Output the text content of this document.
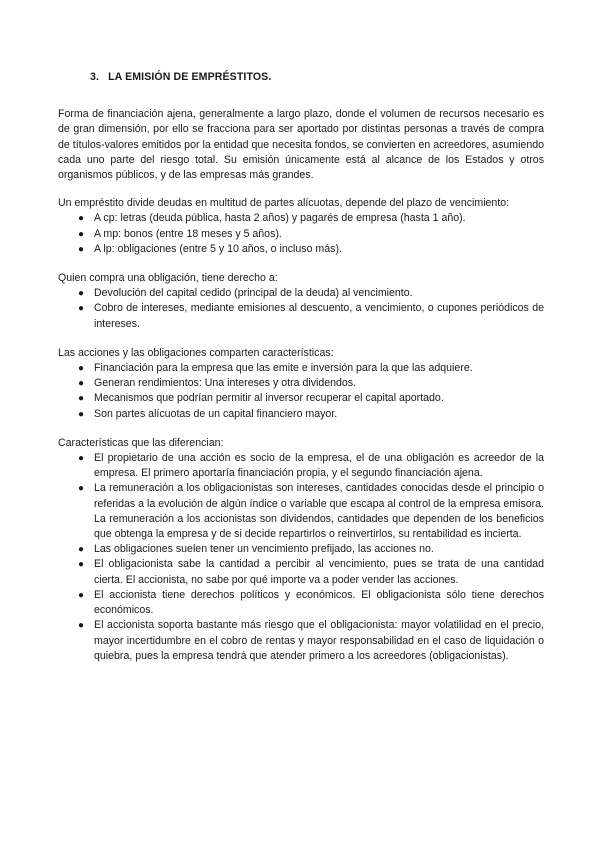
3. LA EMISIÓN DE EMPRÉSTITOS.

Forma de financiación ajena, generalmente a largo plazo, donde el volumen de recursos necesario es de gran dimensión, por ello se fracciona para ser aportado por distintas personas a través de compra de títulos-valores emitidos por la entidad que necesita fondos, se convierten en acreedores, asumiendo cada uno parte del riesgo total. Su emisión únicamente está al alcance de los Estados y otros organismos públicos, y de las empresas más grandes.

Un empréstito divide deudas en multitud de partes alícuotas, depende del plazo de vencimiento:

● A cp: letras (deuda pública, hasta 2 años) y pagarés de empresa (hasta 1 año).
● A mp: bonos (entre 18 meses y 5 años).
● A lp: obligaciones (entre 5 y 10 años, o incluso más).

Quien compra una obligación, tiene derecho a:

● Devolución del capital cedido (principal de la deuda) al vencimiento.
● Cobro de intereses, mediante emisiones al descuento, a vencimiento, o cupones periódicos de intereses.

Las acciones y las obligaciones comparten características:

● Financiación para la empresa que las emite e inversión para la que las adquiere.
● Generan rendimientos: Una intereses y otra dividendos.
● Mecanismos que podrían permitir al inversor recuperar el capital aportado.
● Son partes alícuotas de un capital financiero mayor.

Características que las diferencian:

● El propietario de una acción es socio de la empresa, el de una obligación es acreedor de la empresa. El primero aportaría financiación propia, y el segundo financiación ajena.
● La remuneración a los obligacionistas son intereses, cantidades conocidas desde el principio o referidas a la evolución de algún índice o variable que escapa al control de la empresa emisora. La remuneración a los accionistas son dividendos, cantidades que dependen de los beneficios que obtenga la empresa y de si decide repartirlos o reinvertirlos, su rentabilidad es incierta.
● Las obligaciones suelen tener un vencimiento prefijado, las acciones no.
● El obligacionista sabe la cantidad a percibir al vencimiento, pues se trata de una cantidad cierta. El accionista, no sabe por qué importe va a poder vender las acciones.
● El accionista tiene derechos políticos y económicos. El obligacionista sólo tiene derechos económicos.
● El accionista soporta bastante más riesgo que el obligacionista: mayor volatilidad en el precio, mayor incertidumbre en el cobro de rentas y mayor responsabilidad en el caso de liquidación o quiebra, pues la empresa tendrá que atender primero a los acreedores (obligacionistas).
